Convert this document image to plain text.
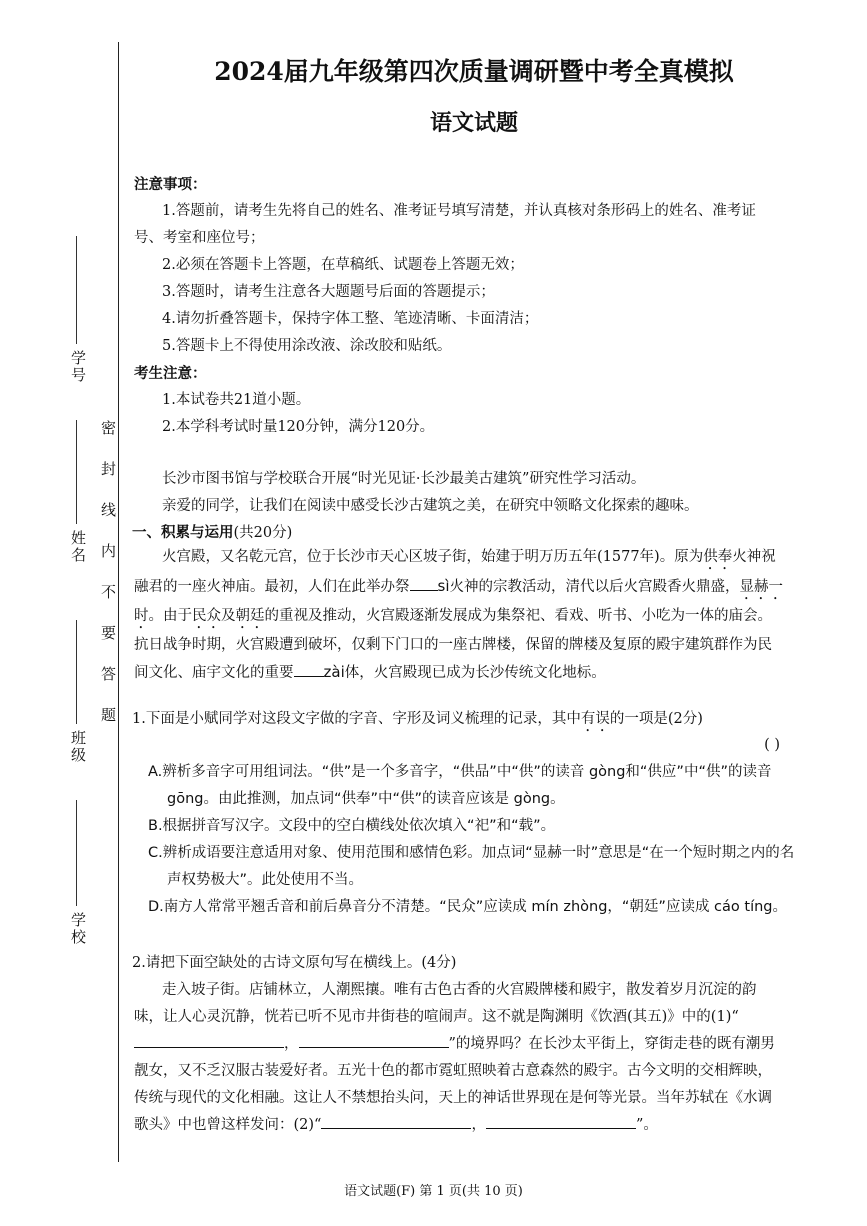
密封线内不要答题
学号
姓名
班级
学校
2024届九年级第四次质量调研暨中考全真模拟
语文试题
注意事项：
1.答题前，请考生先将自己的姓名、准考证号填写清楚，并认真核对条形码上的姓名、准考证号、考室和座位号；
2.必须在答题卡上答题，在草稿纸、试题卷上答题无效；
3.答题时，请考生注意各大题题号后面的答题提示；
4.请勿折叠答题卡，保持字体工整、笔迹清晰、卡面清洁；
5.答题卡上不得使用涂改液、涂改胶和贴纸。
考生注意：
1.本试卷共21道小题。
2.本学科考试时量120分钟，满分120分。
长沙市图书馆与学校联合开展“时光见证·长沙最美古建筑”研究性学习活动。
亲爱的同学，让我们在阅读中感受长沙古建筑之美，在研究中领略文化探索的趣味。
一、积累与运用(共20分)
火宫殿，又名乾元宫，位于长沙市天心区坡子街，始建于明万历五年(1577年)。原为供奉火神祝融君的一座火神庙。最初，人们在此举办祭 sì火神的宗教活动，清代以后火宫殿香火鼎盛，显赫一时。由于民众及朝廷的重视及推动，火宫殿逐渐发展成为集祭祀、看戏、听书、小吃为一体的庙会。抗日战争时期，火宫殿遭到破坏，仅剩下门口的一座古牌楼，保留的牌楼及复原的殿宇建筑群作为民间文化、庙宇文化的重要 zài体，火宫殿现已成为长沙传统文化地标。
1.下面是小赋同学对这段文字做的字音、字形及词义梳理的记录，其中有误的一项是(2分)
( )
A.辨析多音字可用组词法。“供”是一个多音字，“供品”中“供”的读音 gòng和“供应”中“供”的读音 gōng。由此推测，加点词“供奉”中“供”的读音应该是 gòng。
B.根据拼音写汉字。文段中的空白横线处依次填入“祀”和“载”。
C.辨析成语要注意适用对象、使用范围和感情色彩。加点词“显赫一时”意思是“在一个短时期之内的名声权势极大”。此处使用不当。
D.南方人常常平翘舌音和前后鼻音分不清楚。“民众”应读成 mín zhòng，“朝廷”应读成 cáo tíng。
2.请把下面空缺处的古诗文原句写在横线上。(4分)
走入坡子街。店铺林立，人潮熙攘。唯有古色古香的火宫殿牌楼和殿宇，散发着岁月沉淀的韵味，让人心灵沉静，恍若已听不见市井街巷的喧闹声。这不就是陶渊明《饮酒(其五)》中的(1)“，	”的境界吗？在长沙太平街上，穿街走巷的既有潮男靓女，又不乏汉服古装爱好者。五光十色的都市霓虹照映着古意森然的殿宇。古今文明的交相辉映，传统与现代的文化相融。这让人不禁想抬头问，天上的神话世界现在是何等光景。当年苏轼在《水调歌头》中也曾这样发问：(2)“	，	”。
语文试题(F) 第 1 页(共 10 页)
